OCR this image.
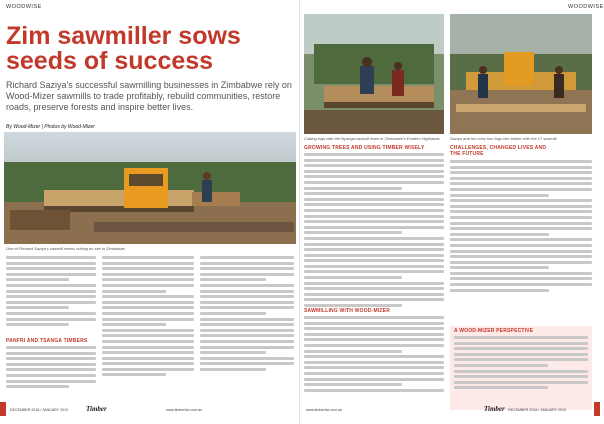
WOODWISE
Zim sawmiller sows
seeds of success

Richard Saziya's successful sawmilling businesses in Zimbabwe rely on Wood-Mizer sawmills to trade profitably, rebuild communities, restore roads, preserve forests and inspire better lives.

By Wood-Mizer | Photos by Wood-Mizer
One of Richard Saziya's sawmill teams cutting on site in Zimbabwe.
PANFRI AND TSANGA TIMBERS
DECEMBER 2018 / JANUARY 2019	Timber	www.timberbiz.com.au
WOODWISE
Cutting logs with the Nyanga sawmill team in Zimbabwe's Eastern Highlands.	Saziya and his crew turn logs into timber with the LT sawmill.
GROWING TREES AND USING TIMBER WISELY
SAWMILLING WITH WOOD-MIZER
CHALLENGES, CHANGED LIVES AND
THE FUTURE
A WOOD-MIZER PERSPECTIVE
www.timberbiz.com.au	Timber DECEMBER 2018 / JANUARY 2019
